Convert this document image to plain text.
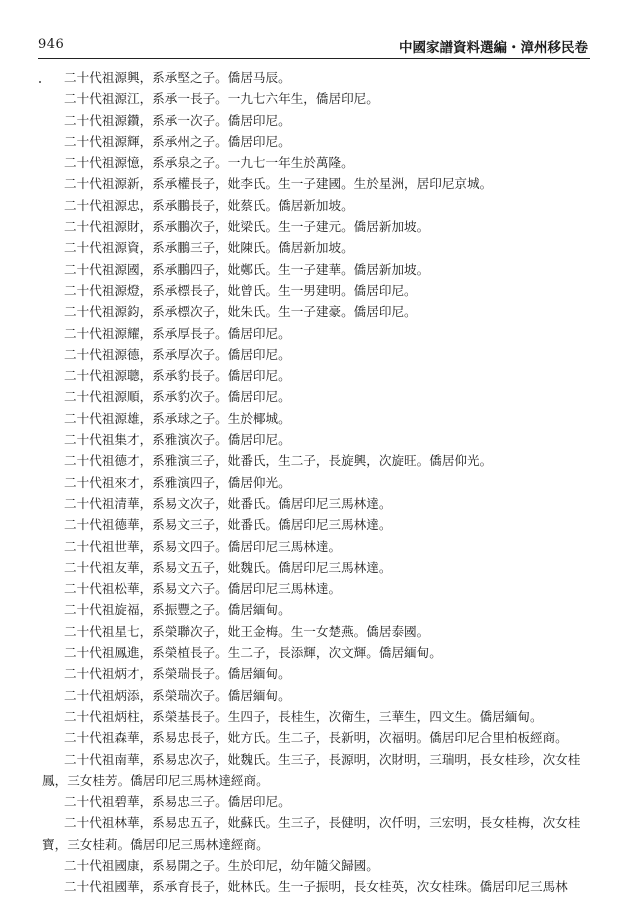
946	中國家譜資料選編・漳州移民卷

二十代祖源興，系承堅之子。僑居马辰。

二十代祖源江，系承一長子。一九七六年生，僑居印尼。

二十代祖源鑽，系承一次子。僑居印尼。

二十代祖源輝，系承州之子。僑居印尼。

二十代祖源憶，系承泉之子。一九七一年生於萬隆。

二十代祖源新，系承權長子，妣李氏。生一子建國。生於星洲，居印尼京城。

二十代祖源忠，系承鵬長子，妣蔡氏。僑居新加坡。

二十代祖源財，系承鵬次子，妣梁氏。生一子建元。僑居新加坡。

二十代祖源資，系承鵬三子，妣陳氏。僑居新加坡。

二十代祖源國，系承鵬四子，妣鄭氏。生一子建華。僑居新加坡。

二十代祖源燈，系承標長子，妣曾氏。生一男建明。僑居印尼。

二十代祖源鈞，系承標次子，妣朱氏。生一子建豪。僑居印尼。

二十代祖源耀，系承厚長子。僑居印尼。

二十代祖源德，系承厚次子。僑居印尼。

二十代祖源聰，系承豹長子。僑居印尼。

二十代祖源順，系承豹次子。僑居印尼。

二十代祖源雄，系承球之子。生於椰城。

二十代祖集才，系雅演次子。僑居印尼。

二十代祖德才，系雅演三子，妣番氏，生二子，長旋興，次旋旺。僑居仰光。

二十代祖來才，系雅演四子，僑居仰光。

二十代祖清華，系易文次子，妣番氏。僑居印尼三馬林達。

二十代祖德華，系易文三子，妣番氏。僑居印尼三馬林達。

二十代祖世華，系易文四子。僑居印尼三馬林達。

二十代祖友華，系易文五子，妣魏氏。僑居印尼三馬林達。

二十代祖松華，系易文六子。僑居印尼三馬林達。

二十代祖旋福，系振豐之子。僑居緬甸。

二十代祖星七，系榮聯次子，妣王金梅。生一女楚燕。僑居泰國。

二十代祖鳳進，系榮植長子。生二子，長添輝，次文輝。僑居緬甸。

二十代祖炳才，系榮瑞長子。僑居緬甸。

二十代祖炳添，系榮瑞次子。僑居緬甸。

二十代祖炳柱，系榮基長子。生四子，長桂生，次衛生，三華生，四文生。僑居緬甸。

二十代祖森華，系易忠長子，妣方氏。生二子，長新明，次福明。僑居印尼合里柏板經商。

二十代祖南華，系易忠次子，妣魏氏。生三子，長源明，次財明，三瑞明，長女桂珍，次女桂鳳，三女桂芳。僑居印尼三馬林達經商。

二十代祖碧華，系易忠三子。僑居印尼。

二十代祖林華，系易忠五子，妣蘇氏。生三子，長健明，次仟明，三宏明，長女桂梅，次女桂寶，三女桂莉。僑居印尼三馬林達經商。

二十代祖國康，系易開之子。生於印尼，幼年隨父歸國。

二十代祖國華，系承育長子，妣林氏。生一子振明，長女桂英，次女桂珠。僑居印尼三馬林
